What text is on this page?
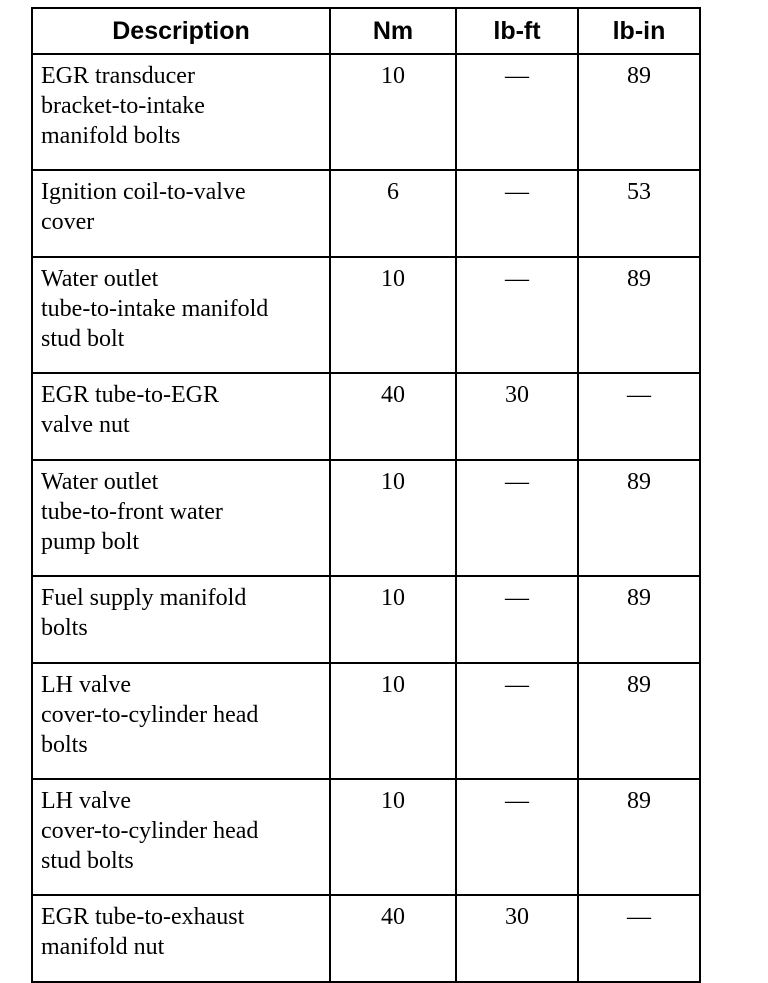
Description	Nm	lb-ft	lb-in

EGR transducer
bracket-to-intake
manifold bolts	10	—	89

Ignition coil-to-valve
cover	6	—	53

Water outlet
tube-to-intake manifold
stud bolt	10	—	89

EGR tube-to-EGR
valve nut	40	30	—

Water outlet
tube-to-front water
pump bolt	10	—	89

Fuel supply manifold
bolts	10	—	89

LH valve
cover-to-cylinder head
bolts	10	—	89

LH valve
cover-to-cylinder head
stud bolts	10	—	89

EGR tube-to-exhaust
manifold nut	40	30	—
